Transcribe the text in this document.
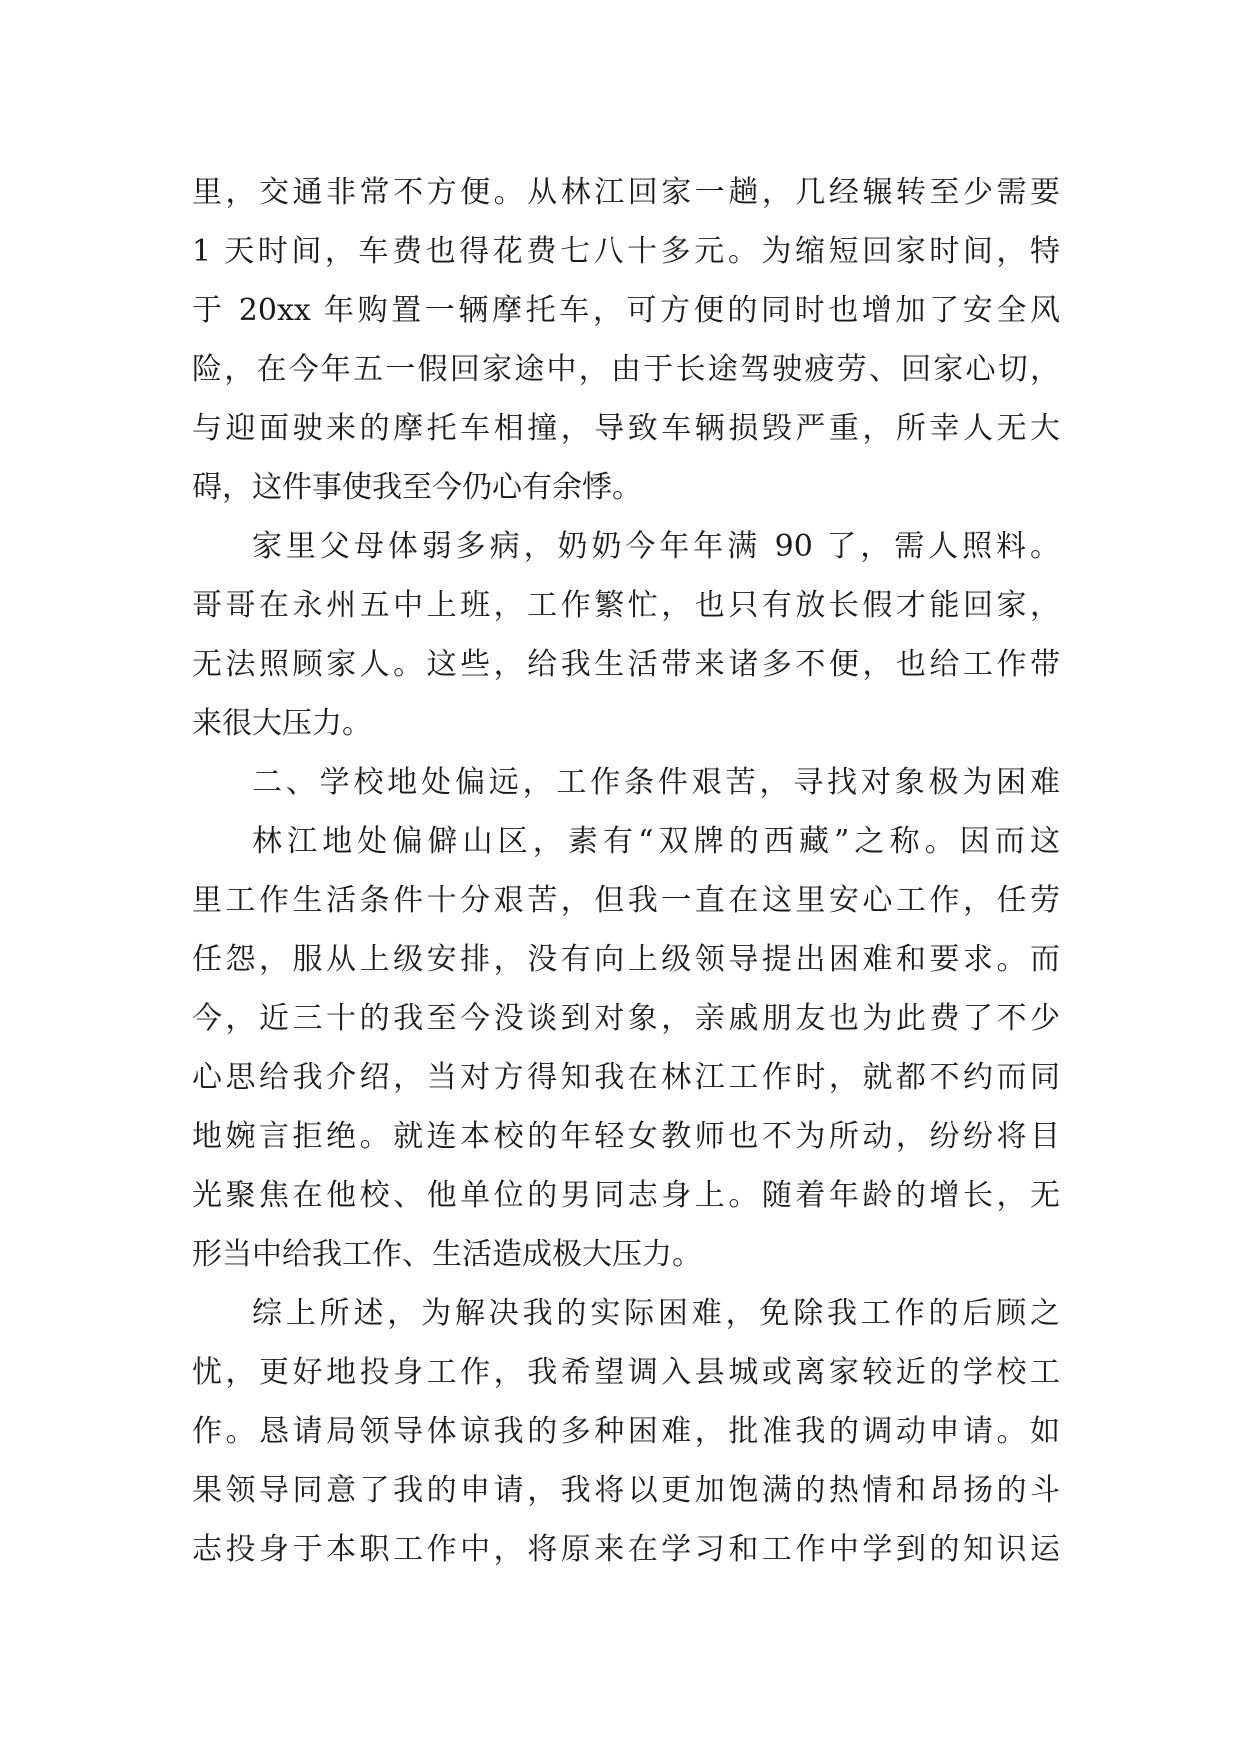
里，交通非常不方便。从林江回家一趟，几经辗转至少需要
1 天时间，车费也得花费七八十多元。为缩短回家时间，特
于 20xx 年购置一辆摩托车，可方便的同时也增加了安全风
险，在今年五一假回家途中，由于长途驾驶疲劳、回家心切，
与迎面驶来的摩托车相撞，导致车辆损毁严重，所幸人无大
碍，这件事使我至今仍心有余悸。
家里父母体弱多病，奶奶今年年满 90 了，需人照料。
哥哥在永州五中上班，工作繁忙，也只有放长假才能回家，
无法照顾家人。这些，给我生活带来诸多不便，也给工作带
来很大压力。
二、学校地处偏远，工作条件艰苦，寻找对象极为困难
林江地处偏僻山区，素有“双牌的西藏”之称。因而这
里工作生活条件十分艰苦，但我一直在这里安心工作，任劳
任怨，服从上级安排，没有向上级领导提出困难和要求。而
今，近三十的我至今没谈到对象，亲戚朋友也为此费了不少
心思给我介绍，当对方得知我在林江工作时，就都不约而同
地婉言拒绝。就连本校的年轻女教师也不为所动，纷纷将目
光聚焦在他校、他单位的男同志身上。随着年龄的增长，无
形当中给我工作、生活造成极大压力。
综上所述，为解决我的实际困难，免除我工作的后顾之
忧，更好地投身工作，我希望调入县城或离家较近的学校工
作。恳请局领导体谅我的多种困难，批准我的调动申请。如
果领导同意了我的申请，我将以更加饱满的热情和昂扬的斗
志投身于本职工作中，将原来在学习和工作中学到的知识运
